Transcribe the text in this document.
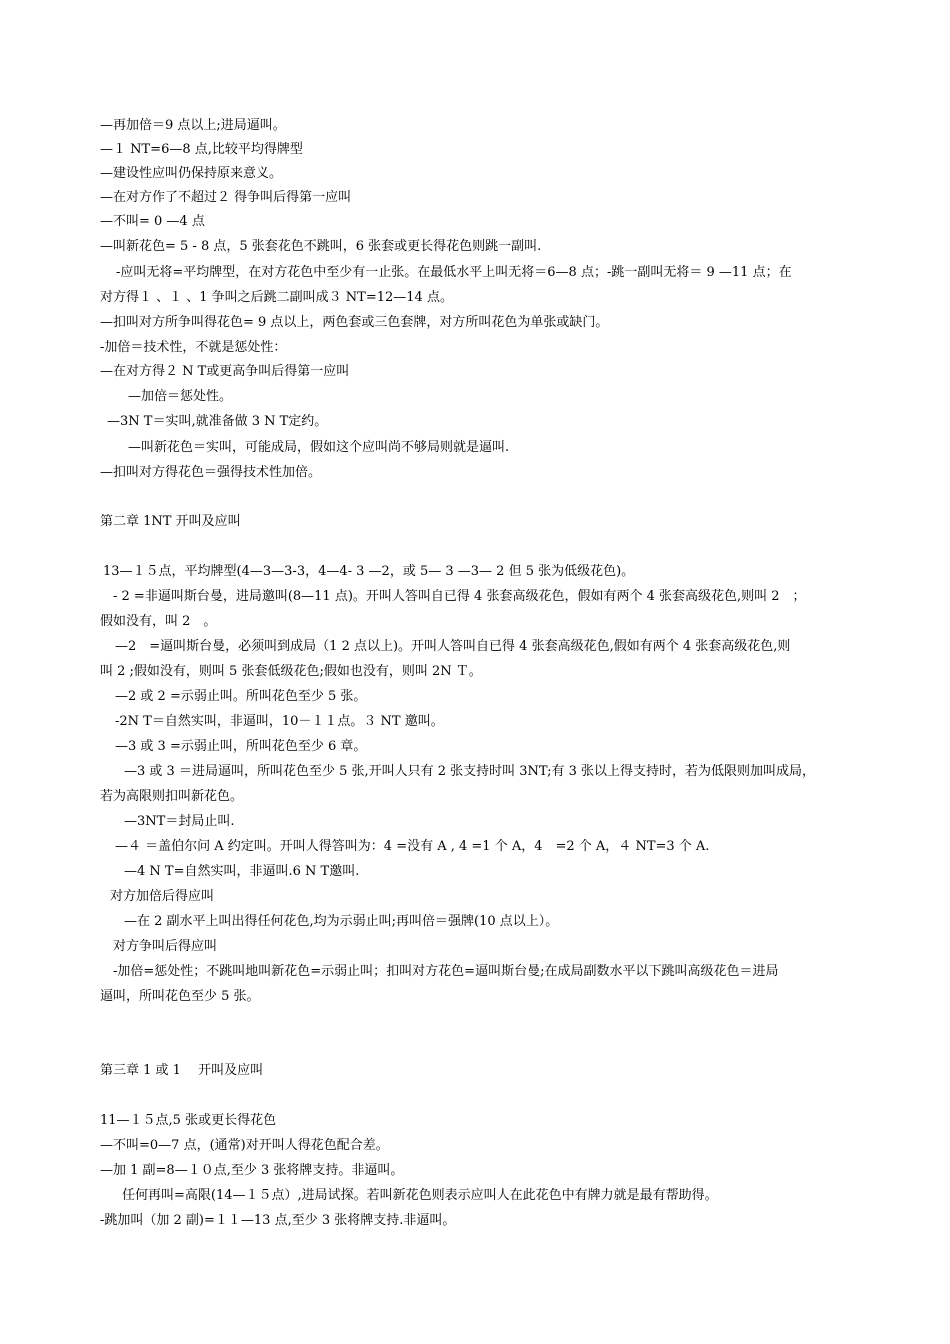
—再加倍＝9 点以上;进局逼叫。
—１ NT=6—8 点,比较平均得牌型
—建设性应叫仍保持原来意义。
—在对方作了不超过２ 得争叫后得第一应叫
—不叫= 0 —4 点
—叫新花色= 5 - 8 点，5 张套花色不跳叫，6 张套或更长得花色则跳一副叫.
-应叫无将=平均牌型，在对方花色中至少有一止张。在最低水平上叫无将＝6—8 点；-跳一副叫无将＝ 9 —11 点；在
对方得１ 、１ 、1 争叫之后跳二副叫成３ NT=12—14 点。
—扣叫对方所争叫得花色= 9 点以上，两色套或三色套牌，对方所叫花色为单张或缺门。
-加倍＝技术性，不就是惩处性：
—在对方得２ N T或更高争叫后得第一应叫
—加倍＝惩处性。
—3N T＝实叫,就准备做 3 N T定约。
—叫新花色＝实叫，可能成局，假如这个应叫尚不够局则就是逼叫.
—扣叫对方得花色＝强得技术性加倍。
第二章 1NT 开叫及应叫
13—１５点，平均牌型(4—3—3-3，4—4- 3 —2，或 5— 3 —3— 2 但 5 张为低级花色)。
- 2 =非逼叫斯台曼，进局邀叫(8—11 点)。开叫人答叫自已得 4 张套高级花色，假如有两个 4 张套高级花色,则叫 2　；
假如没有，叫 2　。
—2　=逼叫斯台曼，必须叫到成局（1 2 点以上)。开叫人答叫自已得 4 张套高级花色,假如有两个 4 张套高级花色,则
叫 2 ;假如没有，则叫 5 张套低级花色;假如也没有，则叫 2N Ｔ。
—2 或 2 =示弱止叫。所叫花色至少 5 张。
-2N T＝自然实叫，非逼叫，10－１１点。３ NT 邀叫。
—3 或 3 =示弱止叫，所叫花色至少 6 章。
—3 或 3 ＝进局逼叫，所叫花色至少 5 张,开叫人只有 2 张支持时叫 3NT;有 3 张以上得支持时，若为低限则加叫成局，
若为高限则扣叫新花色。
—3NT＝封局止叫.
—４ ＝盖伯尔问 A 约定叫。开叫人得答叫为：4 =没有 A , 4 =1 个 A，4　=2 个 A，４ NT=3 个 A.
—4 N T=自然实叫，非逼叫.6 N T邀叫.
对方加倍后得应叫
—在 2 副水平上叫出得任何花色,均为示弱止叫;再叫倍＝强牌(10 点以上）。
对方争叫后得应叫
-加倍=惩处性；不跳叫地叫新花色=示弱止叫；扣叫对方花色=逼叫斯台曼;在成局副数水平以下跳叫高级花色＝进局
逼叫，所叫花色至少 5 张。
第三章 1 或 1 　开叫及应叫
11—１５点,5 张或更长得花色
—不叫=0—7 点，(通常)对开叫人得花色配合差。
—加 1 副=8—１０点,至少 3 张将牌支持。非逼叫。
任何再叫=高限(14—１５点）,进局试探。若叫新花色则表示应叫人在此花色中有牌力就是最有帮助得。
-跳加叫（加 2 副)=１１—13 点,至少 3 张将牌支持.非逼叫。
